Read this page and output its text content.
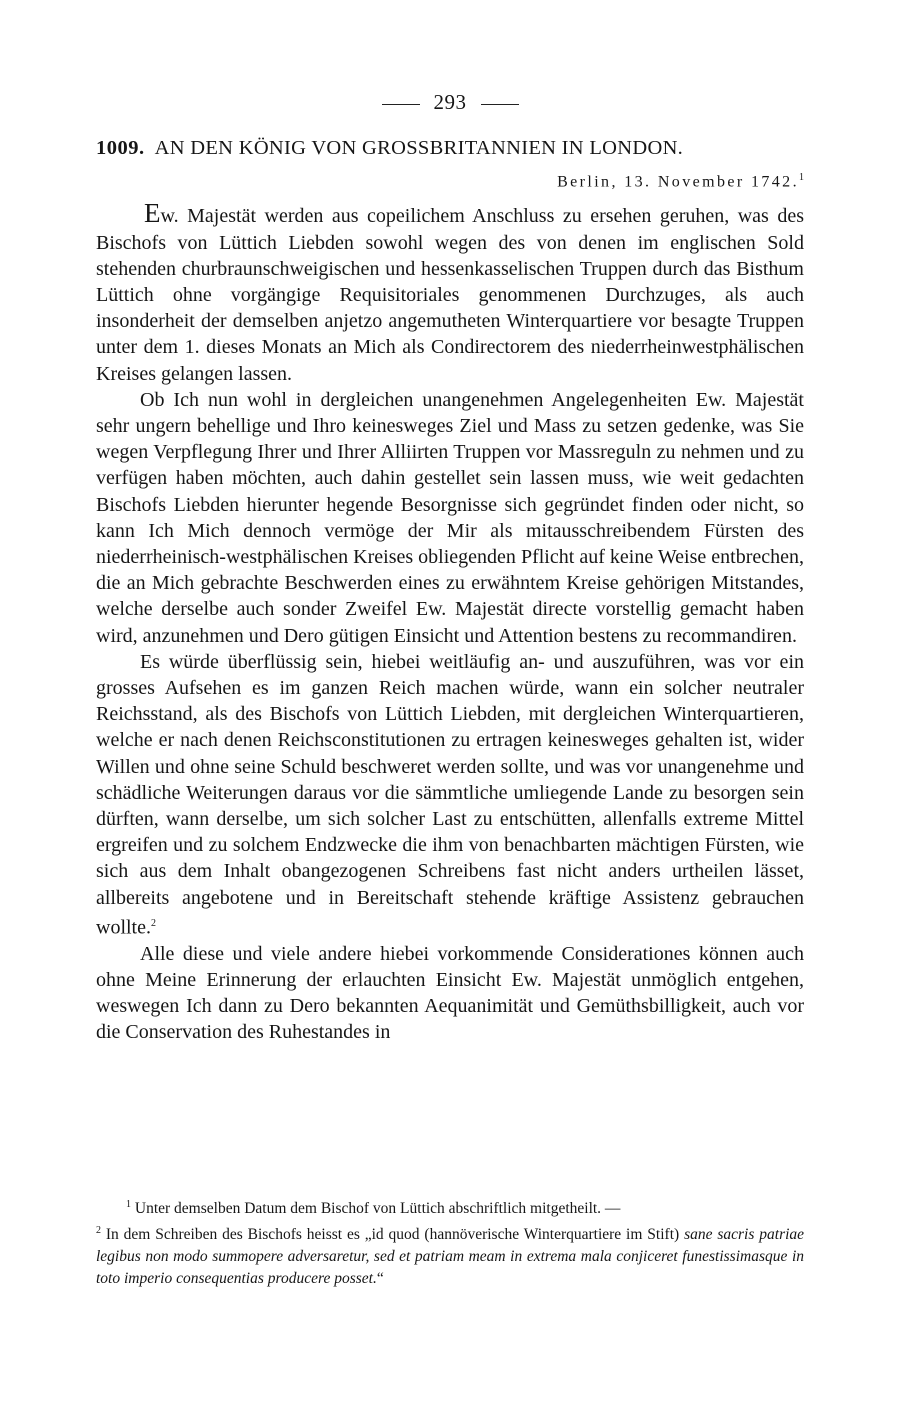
293
1009. AN DEN KÖNIG VON GROSSBRITANNIEN IN LONDON.
Berlin, 13. November 1742.$^1$

Ew. Majestät werden aus copeilichem Anschluss zu ersehen geruhen, was des Bischofs von Lüttich Liebden sowohl wegen des von denen im englischen Sold stehenden churbraunschweigischen und hessenkasselischen Truppen durch das Bisthum Lüttich ohne vorgängige Requisitoriales genommenen Durchzuges, als auch insonderheit der demselben anjetzo angemutheten Winterquartiere vor besagte Truppen unter dem 1. dieses Monats an Mich als Condirectorem des niederrheinwestphälischen Kreises gelangen lassen.

Ob Ich nun wohl in dergleichen unangenehmen Angelegenheiten Ew. Majestät sehr ungern behellige und Ihro keinesweges Ziel und Mass zu setzen gedenke, was Sie wegen Verpflegung Ihrer und Ihrer Alliirten Truppen vor Massreguln zu nehmen und zu verfügen haben möchten, auch dahin gestellet sein lassen muss, wie weit gedachten Bischofs Liebden hierunter hegende Besorgnisse sich gegründet finden oder nicht, so kann Ich Mich dennoch vermöge der Mir als mitausschreibendem Fürsten des niederrheinisch-westphälischen Kreises obliegenden Pflicht auf keine Weise entbrechen, die an Mich gebrachte Beschwerden eines zu erwähntem Kreise gehörigen Mitstandes, welche derselbe auch sonder Zweifel Ew. Majestät directe vorstellig gemacht haben wird, anzunehmen und Dero gütigen Einsicht und Attention bestens zu recommandiren.

Es würde überflüssig sein, hiebei weitläufig an- und auszuführen, was vor ein grosses Aufsehen es im ganzen Reich machen würde, wann ein solcher neutraler Reichsstand, als des Bischofs von Lüttich Liebden, mit dergleichen Winterquartieren, welche er nach denen Reichsconstitutionen zu ertragen keinesweges gehalten ist, wider Willen und ohne seine Schuld beschweret werden sollte, und was vor unangenehme und schädliche Weiterungen daraus vor die sämmtliche umliegende Lande zu besorgen sein dürften, wann derselbe, um sich solcher Last zu entschütten, allenfalls extreme Mittel ergreifen und zu solchem Endzwecke die ihm von benachbarten mächtigen Fürsten, wie sich aus dem Inhalt obangezogenen Schreibens fast nicht anders urtheilen lässet, allbereits angebotene und in Bereitschaft stehende kräftige Assistenz gebrauchen wollte.$^2$

Alle diese und viele andere hiebei vorkommende Considerationes können auch ohne Meine Erinnerung der erlauchten Einsicht Ew. Majestät unmöglich entgehen, weswegen Ich dann zu Dero bekannten Aequanimität und Gemüthsbilligkeit, auch vor die Conservation des Ruhestandes in

$^1$ Unter demselben Datum dem Bischof von Lüttich abschriftlich mitgetheilt. —

$^2$ In dem Schreiben des Bischofs heisst es „id quod (hannöverische Winterquartiere im Stift) sane sacris patriae legibus non modo summopere adversaretur, sed et patriam meam in extrema mala conjiceret funestissimasque in toto imperio consequentias producere posset.“
